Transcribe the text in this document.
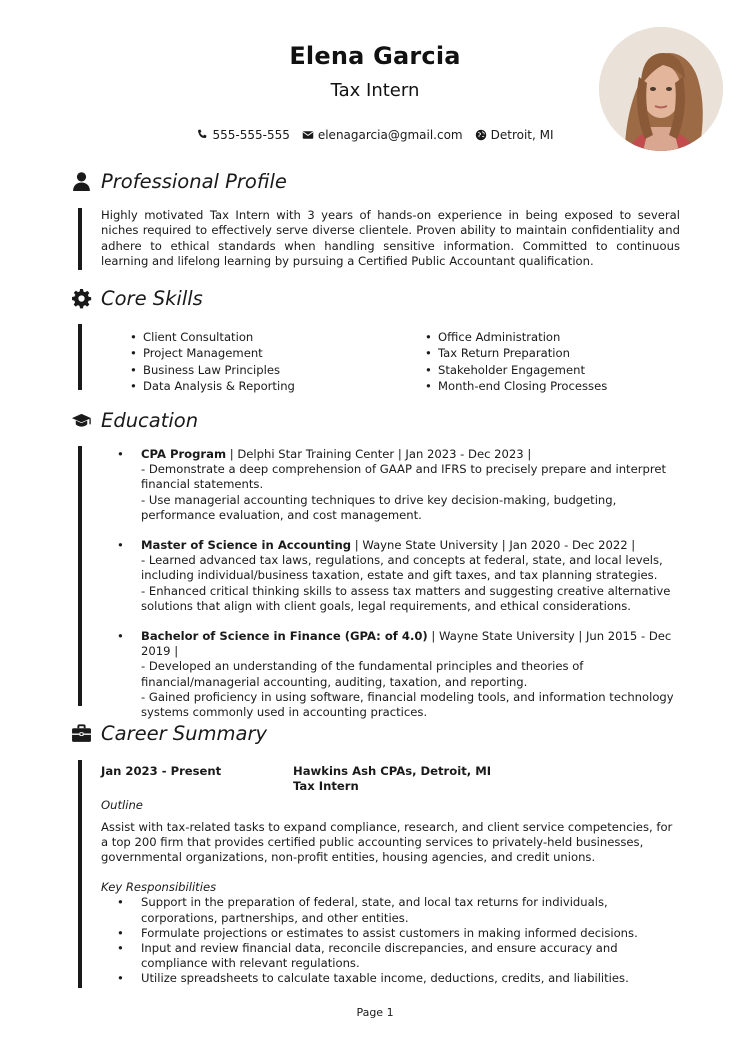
Elena Garcia
Tax Intern
555-555-555 elenagarcia@gmail.com Detroit, MI
Professional Profile

Highly motivated Tax Intern with 3 years of hands-on experience in being exposed to several niches required to effectively serve diverse clientele. Proven ability to maintain confidentiality and adhere to ethical standards when handling sensitive information. Committed to continuous learning and lifelong learning by pursuing a Certified Public Accountant qualification.

Core Skills
• Client Consultation
• Project Management
• Business Law Principles
• Data Analysis & Reporting
• Office Administration
• Tax Return Preparation
• Stakeholder Engagement
• Month-end Closing Processes
Education
• CPA Program | Delphi Star Training Center | Jan 2023 - Dec 2023 |
- Demonstrate a deep comprehension of GAAP and IFRS to precisely prepare and interpret financial statements.
- Use managerial accounting techniques to drive key decision-making, budgeting, performance evaluation, and cost management.
• Master of Science in Accounting | Wayne State University | Jan 2020 - Dec 2022 |
- Learned advanced tax laws, regulations, and concepts at federal, state, and local levels, including individual/business taxation, estate and gift taxes, and tax planning strategies.
- Enhanced critical thinking skills to assess tax matters and suggesting creative alternative solutions that align with client goals, legal requirements, and ethical considerations.
• Bachelor of Science in Finance (GPA: of 4.0) | Wayne State University | Jun 2015 - Dec 2019 |
- Developed an understanding of the fundamental principles and theories of financial/managerial accounting, auditing, taxation, and reporting.
- Gained proficiency in using software, financial modeling tools, and information technology systems commonly used in accounting practices.
Career Summary
Jan 2023 - Present	Hawkins Ash CPAs, Detroit, MI
Tax Intern
Outline
Assist with tax-related tasks to expand compliance, research, and client service competencies, for a top 200 firm that provides certified public accounting services to privately-held businesses, governmental organizations, non-profit entities, housing agencies, and credit unions.
Key Responsibilities
• Support in the preparation of federal, state, and local tax returns for individuals, corporations, partnerships, and other entities.
• Formulate projections or estimates to assist customers in making informed decisions.
• Input and review financial data, reconcile discrepancies, and ensure accuracy and compliance with relevant regulations.
• Utilize spreadsheets to calculate taxable income, deductions, credits, and liabilities.
Page 1
